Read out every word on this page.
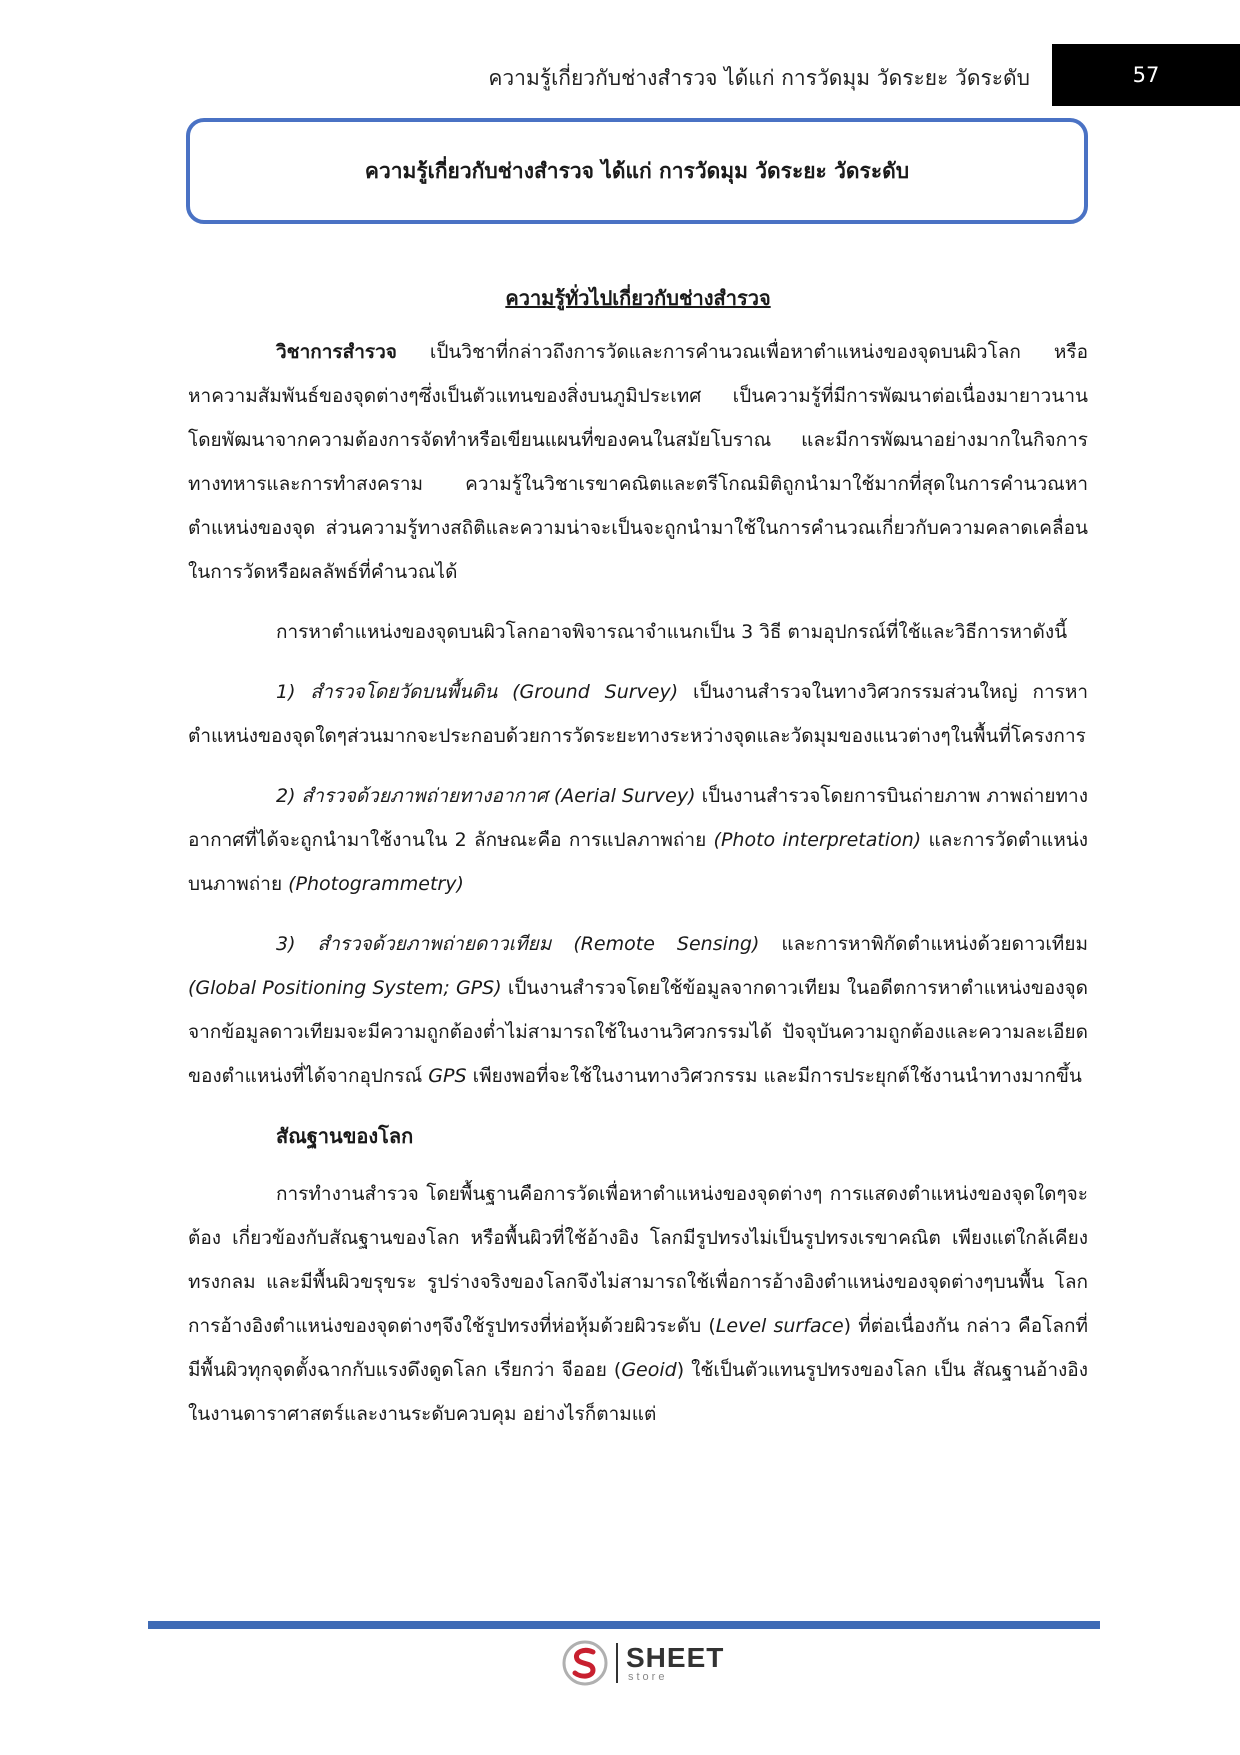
ความรู้เกี่ยวกับช่างสำรวจ ได้แก่ การวัดมุม วัดระยะ วัดระดับ	57
ความรู้เกี่ยวกับช่างสำรวจ ได้แก่ การวัดมุม วัดระยะ วัดระดับ

ความรู้ทั่วไปเกี่ยวกับช่างสำรวจ

วิชาการสำรวจ เป็นวิชาที่กล่าวถึงการวัดและการคำนวณเพื่อหาตำแหน่งของจุดบนผิวโลก หรือหาความสัมพันธ์ของจุดต่างๆซึ่งเป็นตัวแทนของสิ่งบนภูมิประเทศ เป็นความรู้ที่มีการพัฒนาต่อเนื่องมายาวนาน โดยพัฒนาจากความต้องการจัดทำหรือเขียนแผนที่ของคนในสมัยโบราณ และมีการพัฒนาอย่างมากในกิจการทางทหารและการทำสงคราม ความรู้ในวิชาเรขาคณิตและตรีโกณมิติถูกนำมาใช้มากที่สุดในการคำนวณหาตำแหน่งของจุด ส่วนความรู้ทางสถิติและความน่าจะเป็นจะถูกนำมาใช้ในการคำนวณเกี่ยวกับความคลาดเคลื่อนในการวัดหรือผลลัพธ์ที่คำนวณได้

การหาตำแหน่งของจุดบนผิวโลกอาจพิจารณาจำแนกเป็น 3 วิธี ตามอุปกรณ์ที่ใช้และวิธีการหาดังนี้

1) สำรวจโดยวัดบนพื้นดิน (Ground Survey) เป็นงานสำรวจในทางวิศวกรรมส่วนใหญ่ การหาตำแหน่งของจุดใดๆส่วนมากจะประกอบด้วยการวัดระยะทางระหว่างจุดและวัดมุมของแนวต่างๆในพื้นที่โครงการ

2) สำรวจด้วยภาพถ่ายทางอากาศ (Aerial Survey) เป็นงานสำรวจโดยการบินถ่ายภาพ ภาพถ่ายทางอากาศที่ได้จะถูกนำมาใช้งานใน 2 ลักษณะคือ การแปลภาพถ่าย (Photo interpretation) และการวัดตำแหน่งบนภาพถ่าย (Photogrammetry)

3) สำรวจด้วยภาพถ่ายดาวเทียม (Remote Sensing) และการหาพิกัดตำแหน่งด้วยดาวเทียม (Global Positioning System; GPS) เป็นงานสำรวจโดยใช้ข้อมูลจากดาวเทียม ในอดีตการหาตำแหน่งของจุดจากข้อมูลดาวเทียมจะมีความถูกต้องต่ำไม่สามารถใช้ในงานวิศวกรรมได้ ปัจจุบันความถูกต้องและความละเอียดของตำแหน่งที่ได้จากอุปกรณ์ GPS เพียงพอที่จะใช้ในงานทางวิศวกรรม และมีการประยุกต์ใช้งานนำทางมากขึ้น

สัณฐานของโลก

การทำงานสำรวจ โดยพื้นฐานคือการวัดเพื่อหาตำแหน่งของจุดต่างๆ การแสดงตำแหน่งของจุดใดๆจะต้อง เกี่ยวข้องกับสัณฐานของโลก หรือพื้นผิวที่ใช้อ้างอิง โลกมีรูปทรงไม่เป็นรูปทรงเรขาคณิต เพียงแต่ใกล้เคียง ทรงกลม และมีพื้นผิวขรุขระ รูปร่างจริงของโลกจึงไม่สามารถใช้เพื่อการอ้างอิงตำแหน่งของจุดต่างๆบนพื้น โลก การอ้างอิงตำแหน่งของจุดต่างๆจึงใช้รูปทรงที่ห่อหุ้มด้วยผิวระดับ (Level surface) ที่ต่อเนื่องกัน กล่าว คือโลกที่มีพื้นผิวทุกจุดตั้งฉากกับแรงดึงดูดโลก เรียกว่า จีออย (Geoid) ใช้เป็นตัวแทนรูปทรงของโลก เป็น สัณฐานอ้างอิงในงานดาราศาสตร์และงานระดับควบคุม อย่างไรก็ตามแต่

SHEET
store
